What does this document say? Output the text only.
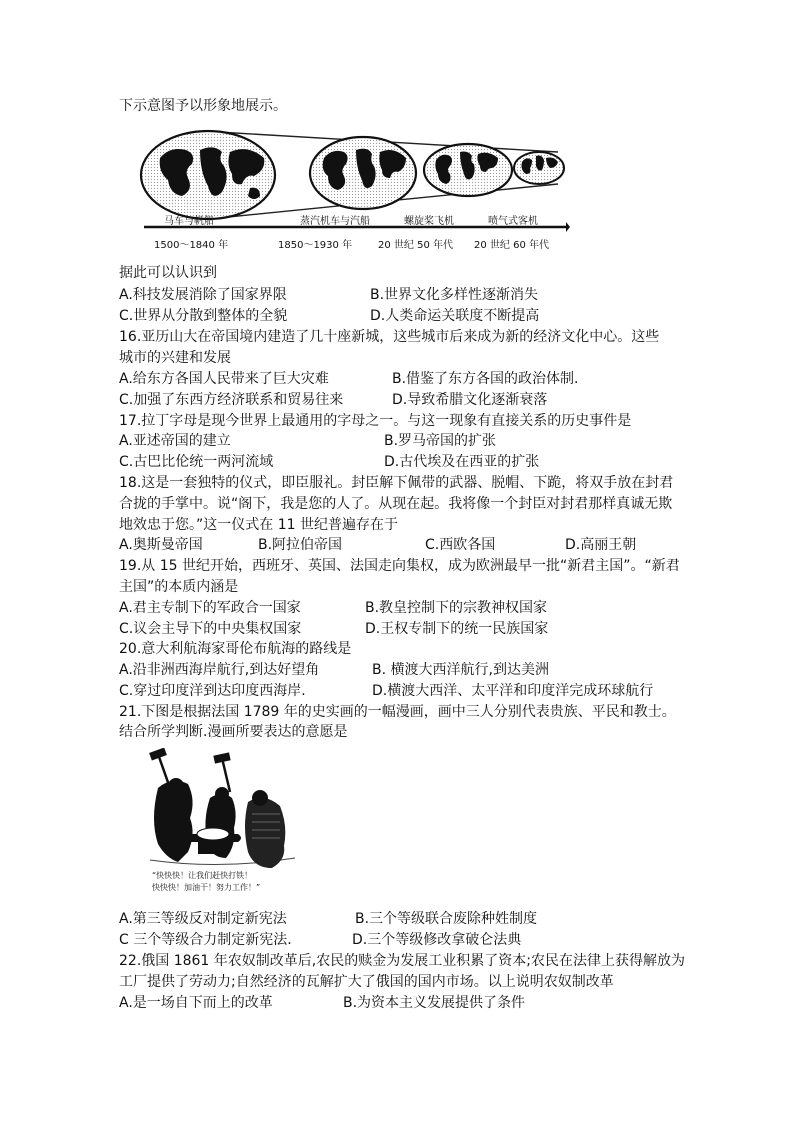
下示意图予以形象地展示。
马车与帆船	蒸汽机车与汽船	螺旋桨飞机	喷气式客机
1500～1840 年	1850～1930 年	20 世纪 50 年代 20 世纪 60 年代
据此可以认识到
A.科技发展消除了国家界限	B.世界文化多样性逐渐消失
C.世界从分散到整体的全貌	D.人类命运关联度不断提高
16.亚历山大在帝国境内建造了几十座新城，这些城市后来成为新的经济文化中心。这些
城市的兴建和发展
A.给东方各国人民带来了巨大灾难	B.借鉴了东方各国的政治体制.
C.加强了东西方经济联系和贸易往来	D.导致希腊文化逐渐衰落
17.拉丁字母是现今世界上最通用的字母之一。与这一现象有直接关系的历史事件是
A.亚述帝国的建立	B.罗马帝国的扩张
C.古巴比伦统一两河流域	D.古代埃及在西亚的扩张
18.这是一套独特的仪式，即臣服礼。封臣解下佩带的武器、脱帽、下跪，将双手放在封君
合拢的手掌中。说“阁下，我是您的人了。从现在起。我将像一个封臣对封君那样真诚无欺
地效忠于您。”这一仪式在 11 世纪普遍存在于
A.奥斯曼帝国	B.阿拉伯帝国	C.西欧各国	D.高丽王朝
19.从 15 世纪开始，西班牙、英国、法国走向集权，成为欧洲最早一批“新君主国”。“新君
主国”的本质内涵是
A.君主专制下的军政合一国家	B.教皇控制下的宗教神权国家
C.议会主导下的中央集权国家	D.王权专制下的统一民族国家
20.意大利航海家哥伦布航海的路线是
A.沿非洲西海岸航行,到达好望角	B. 横渡大西洋航行,到达美洲
C.穿过印度洋到达印度西海岸.	D.横渡大西洋、太平洋和印度洋完成环球航行
21.下图是根据法国 1789 年的史实画的一幅漫画，画中三人分别代表贵族、平民和教士。
结合所学判断.漫画所要表达的意愿是
“快快快！让我们赶快打铁！
快快快！加油干！努力工作！”
A.第三等级反对制定新宪法	B.三个等级联合废除种姓制度
C 三个等级合力制定新宪法.	D.三个等级修改拿破仑法典
22.俄国 1861 年农奴制改革后,农民的赎金为发展工业积累了资本;农民在法律上获得解放为
工厂提供了劳动力;自然经济的瓦解扩大了俄国的国内市场。以上说明农奴制改革
A.是一场自下而上的改革	B.为资本主义发展提供了条件
